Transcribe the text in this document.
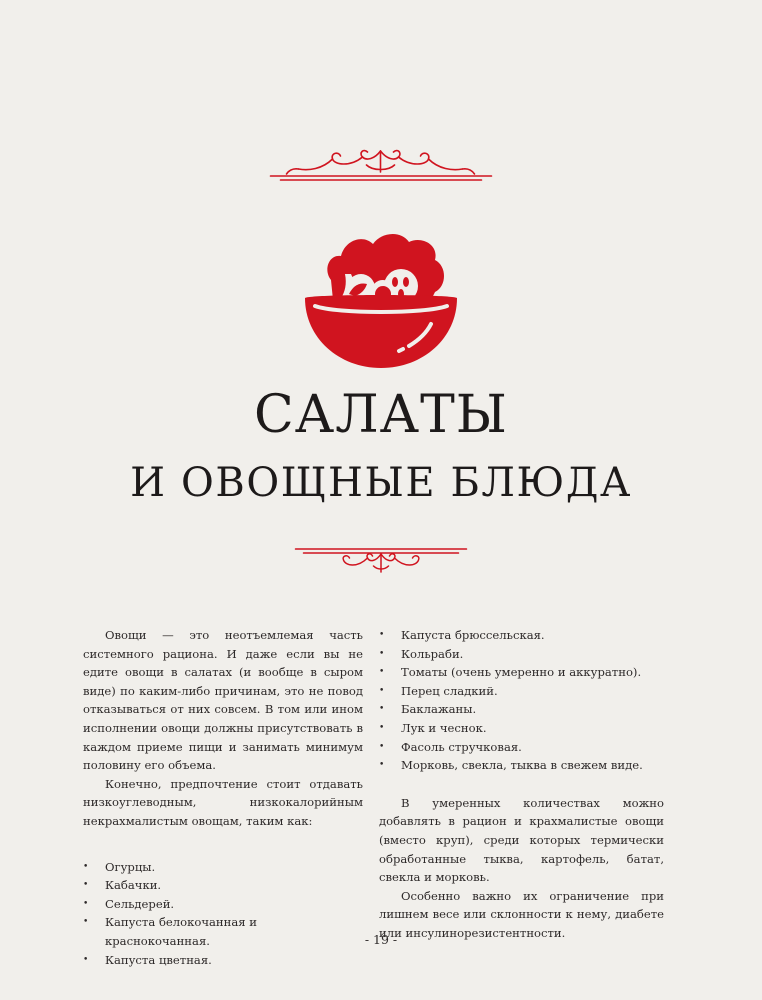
САЛАТЫ
И ОВОЩНЫЕ БЛЮДА

Овощи — это неотъемлемая часть системного рациона. И даже если вы не едите овощи в салатах (и вообще в сыром виде) по каким-либо причинам, это не повод отказываться от них совсем. В том или ином исполнении овощи должны присутствовать в каждом приеме пищи и занимать минимум половину его объема.

Конечно, предпочтение стоит отдавать низкоуглеводным, низкокалорийным некрахмалистым овощам, таким как:

• Огурцы.
• Кабачки.
• Сельдерей.
• Капуста белокочанная и краснокочанная.
• Капуста цветная.
• Капуста брюссельская.
• Кольраби.
• Томаты (очень умеренно и аккуратно).
• Перец сладкий.
• Баклажаны.
• Лук и чеснок.
• Фасоль стручковая.
• Морковь, свекла, тыква в свежем виде.

В умеренных количествах можно добавлять в рацион и крахмалистые овощи (вместо круп), среди которых термически обработанные тыква, картофель, батат, свекла и морковь.

Особенно важно их ограничение при лишнем весе или склонности к нему, диабете или инсулинорезистентности.

- 19 -
